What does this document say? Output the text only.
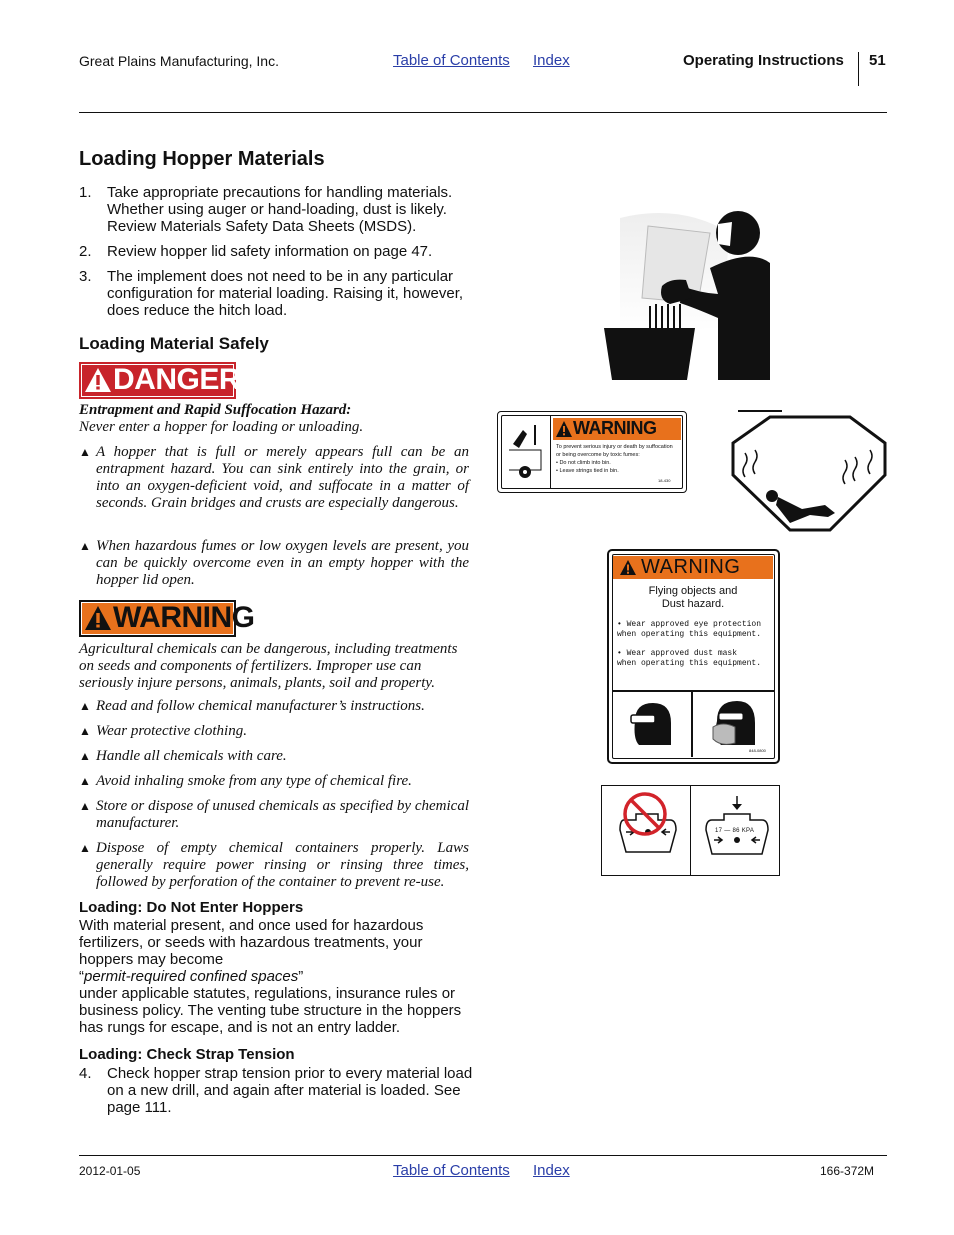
Great Plains Manufacturing, Inc.	Table of Contents Index	Operating Instructions 51
Loading Hopper Materials
1. Take appropriate precautions for handling materials. Whether using auger or hand-loading, dust is likely. Review Materials Safety Data Sheets (MSDS).
2. Review hopper lid safety information on page 47.
3. The implement does not need to be in any particular configuration for material loading. Raising it, however, does reduce the hitch load.
Loading Material Safely
DANGER
Entrapment and Rapid Suffocation Hazard:
Never enter a hopper for loading or unloading.
▲ A hopper that is full or merely appears full can be an entrapment hazard. You can sink entirely into the grain, or into an oxygen-deficient void, and suffocate in a matter of seconds. Grain bridges and crusts are especially dangerous.
▲ When hazardous fumes or low oxygen levels are present, you can be quickly overcome even in an empty hopper with the hopper lid open.
WARNING
Agricultural chemicals can be dangerous, including treatments on seeds and components of fertilizers. Improper use can seriously injure persons, animals, plants, soil and property.
▲ Read and follow chemical manufacturer’s instructions.
▲ Wear protective clothing.
▲ Handle all chemicals with care.
▲ Avoid inhaling smoke from any type of chemical fire.
▲ Store or dispose of unused chemicals as specified by chemical manufacturer.
▲ Dispose of empty chemical containers properly. Laws generally require power rinsing or rinsing three times, followed by perforation of the container to prevent re-use.
Loading: Do Not Enter Hoppers
With material present, and once used for hazardous fertilizers, or seeds with hazardous treatments, your hoppers may become
“permit-required confined spaces”
under applicable statutes, regulations, insurance rules or business policy. The venting tube structure in the hoppers has rungs for escape, and is not an entry ladder.
Loading: Check Strap Tension
4. Check hopper strap tension prior to every material load on a new drill, and again after material is loaded. See page 111.
WARNING
To prevent serious injury or death by suffocation
or being overcome by toxic fumes:
• Do not climb into bin.
• Leave strings tied in bin.
18-430
WARNING
Flying objects and
Dust hazard.
• Wear approved eye protection
when operating this equipment.
• Wear approved dust mask
when operating this equipment.
848-0800
17 — 86 KPA
2012-01-05	Table of Contents Index	166-372M
